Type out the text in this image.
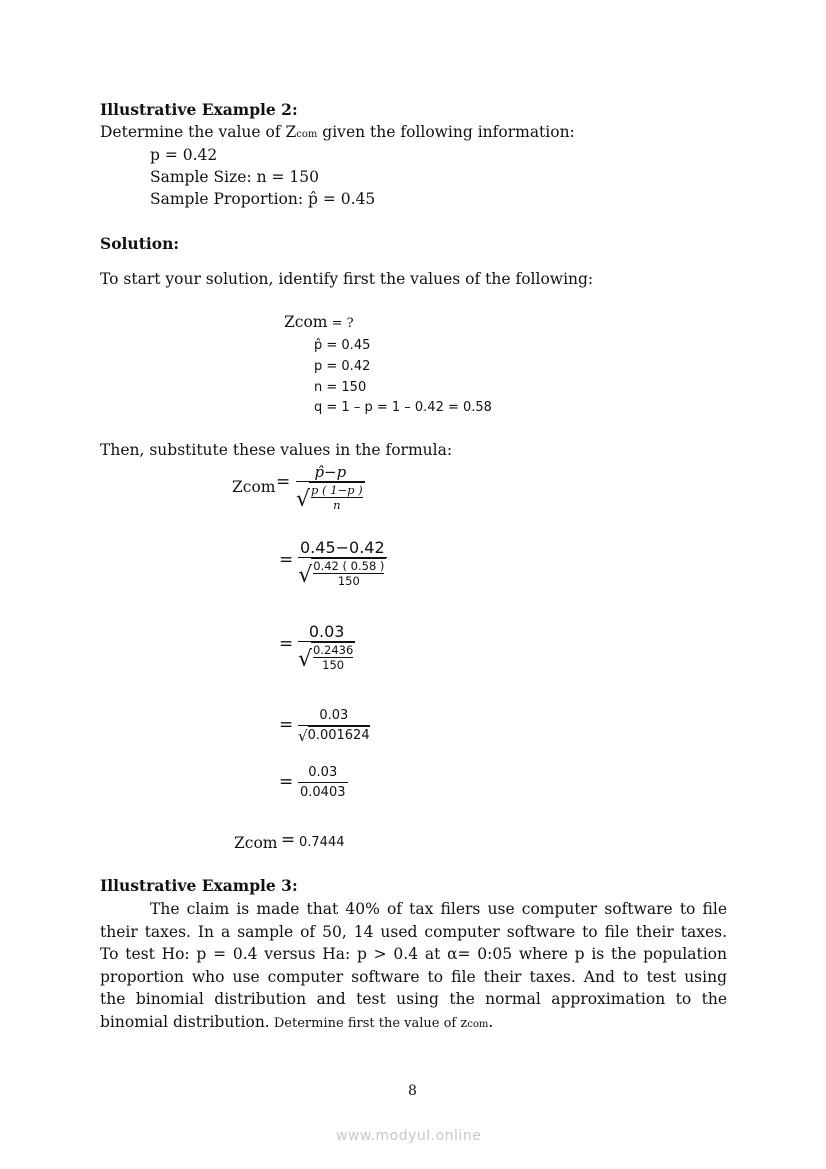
Illustrative Example 2:
Determine the value of Zcom given the following information:
p = 0.42
Sample Size: n = 150
Sample Proportion: p̂ = 0.45
Solution:
To start your solution, identify first the values of the following:
Zcom = ?
p̂ = 0.45
p = 0.42
n = 150
q = 1 – p = 1 – 0.42 = 0.58
Then, substitute these values in the formula:
Zcom = p̂−p
√ p ( 1−p )
n
=
0.45−0.42
√ 0.42 ( 0.58 )
150
=
0.03
√ 0.2436
150
= 0.03
√ 0.001624
= 0.03
0.0403
Zcom = 0.7444
Illustrative Example 3:
The claim is made that 40% of tax filers use computer software to file
their taxes. In a sample of 50, 14 used computer software to file their taxes.
To test Ho: p = 0.4 versus Ha: p > 0.4 at α= 0:05 where p is the population
proportion who use computer software to file their taxes. And to test using
the binomial distribution and test using the normal approximation to the
binomial distribution. Determine first the value of zcom.
8
www.modyul.online
